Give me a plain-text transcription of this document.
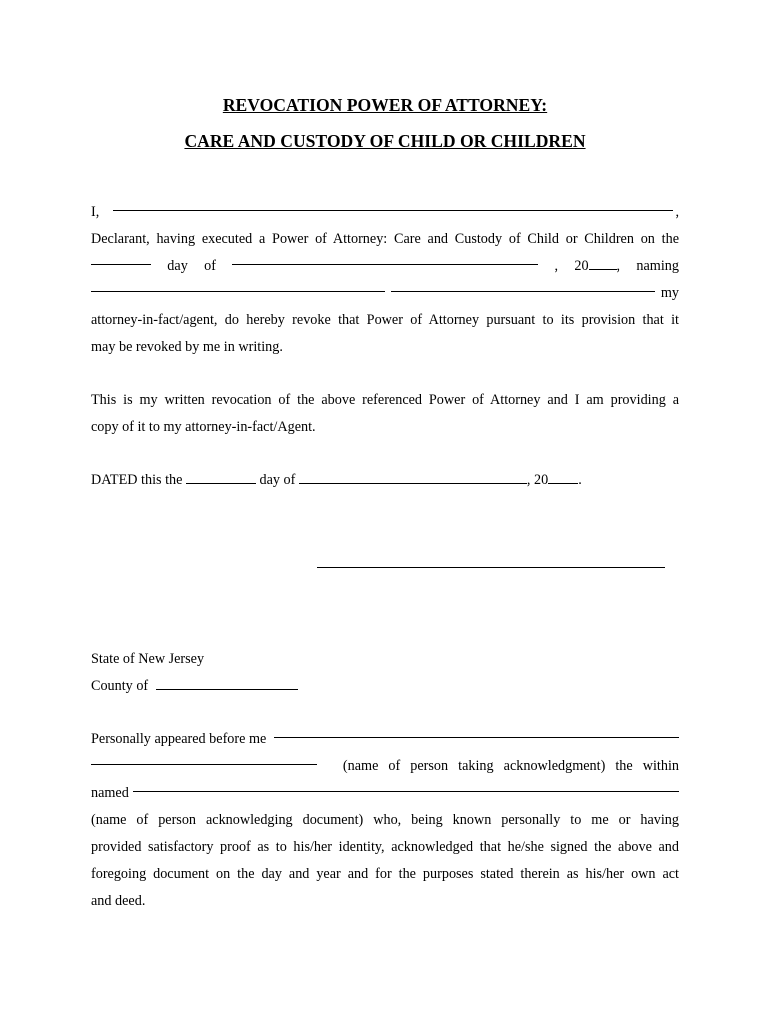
REVOCATION POWER OF ATTORNEY:
CARE AND CUSTODY OF CHILD OR CHILDREN
I,	,
Declarant, having executed a Power of Attorney: Care and Custody of Child or Children on the
day of	, 20 , naming
my
attorney-in-fact/agent, do hereby revoke that Power of Attorney pursuant to its provision that it
may be revoked by me in writing.
This is my written revocation of the above referenced Power of Attorney and I am providing a
copy of it to my attorney-in-fact/Agent.
DATED this the	day of	, 20 .
State of New Jersey
County of
Personally appeared before me
(name of person taking acknowledgment) the within
named
(name of person acknowledging document) who, being known personally to me or having
provided satisfactory proof as to his/her identity, acknowledged that he/she signed the above and
foregoing document on the day and year and for the purposes stated therein as his/her own act
and deed.
